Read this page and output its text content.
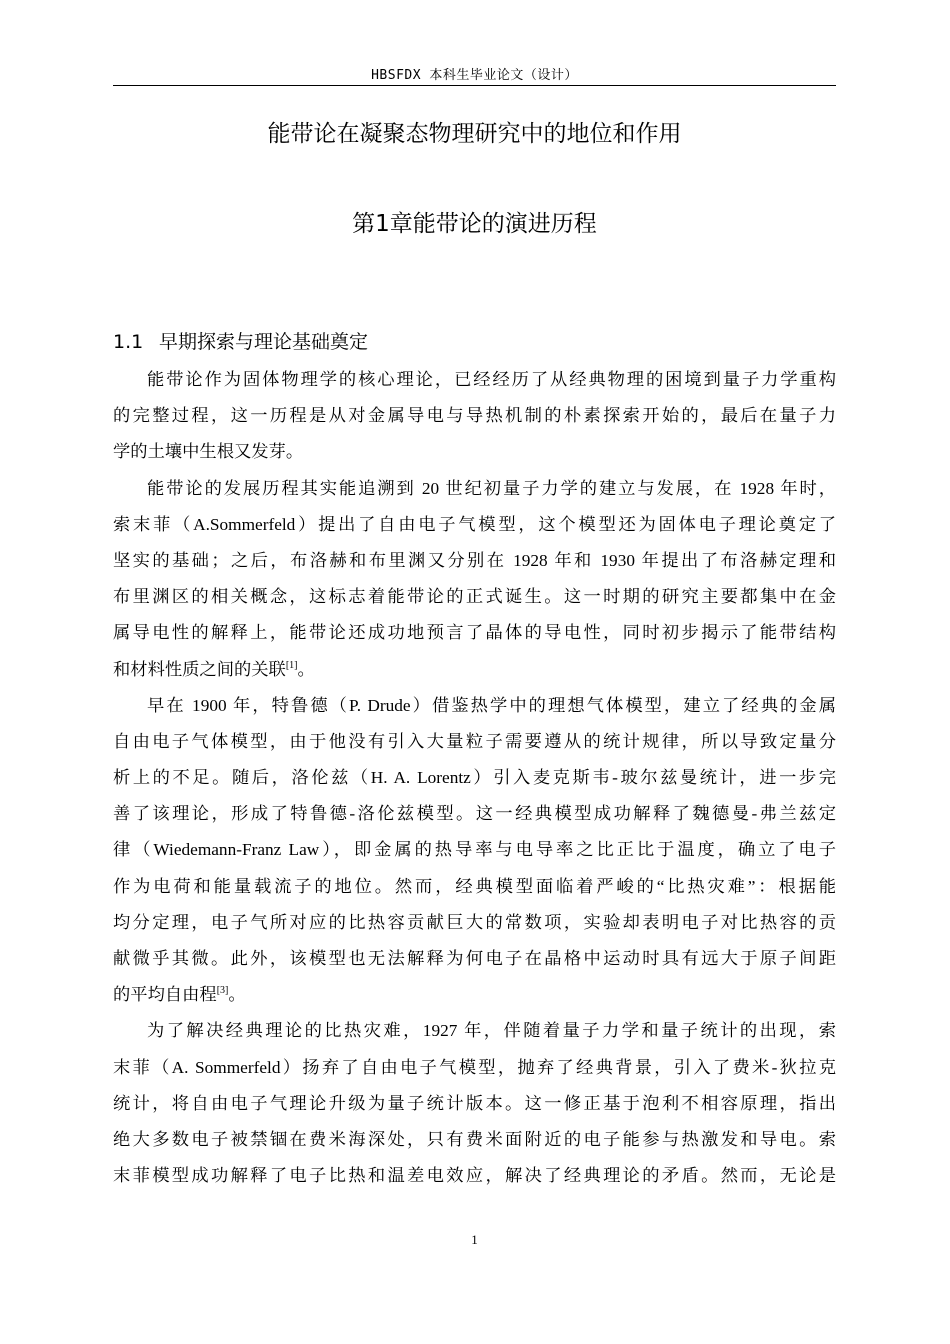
HBSFDX 本科生毕业论文（设计）
能带论在凝聚态物理研究中的地位和作用
第1章能带论的演进历程
1.1 早期探索与理论基础奠定
能带论作为固体物理学的核心理论，已经经历了从经典物理的困境到量子力学重构
的完整过程，这一历程是从对金属导电与导热机制的朴素探索开始的，最后在量子力
学的土壤中生根又发芽。
能带论的发展历程其实能追溯到 20 世纪初量子力学的建立与发展，在 1928 年时，
索末菲（A.Sommerfeld）提出了自由电子气模型，这个模型还为固体电子理论奠定了
坚实的基础；之后，布洛赫和布里渊又分别在 1928 年和 1930 年提出了布洛赫定理和
布里渊区的相关概念，这标志着能带论的正式诞生。这一时期的研究主要都集中在金
属导电性的解释上，能带论还成功地预言了晶体的导电性，同时初步揭示了能带结构
和材料性质之间的关联[1]。
早在 1900 年，特鲁德（P. Drude）借鉴热学中的理想气体模型，建立了经典的金属
自由电子气体模型，由于他没有引入大量粒子需要遵从的统计规律，所以导致定量分
析上的不足。随后，洛伦兹（H. A. Lorentz）引入麦克斯韦-玻尔兹曼统计，进一步完
善了该理论，形成了特鲁德-洛伦兹模型。这一经典模型成功解释了魏德曼-弗兰兹定
律（Wiedemann-Franz Law），即金属的热导率与电导率之比正比于温度，确立了电子
作为电荷和能量载流子的地位。然而，经典模型面临着严峻的“比热灾难”：根据能
均分定理，电子气所对应的比热容贡献巨大的常数项，实验却表明电子对比热容的贡
献微乎其微。此外，该模型也无法解释为何电子在晶格中运动时具有远大于原子间距
的平均自由程[3]。
为了解决经典理论的比热灾难，1927 年，伴随着量子力学和量子统计的出现，索
末菲（A. Sommerfeld）扬弃了自由电子气模型，抛弃了经典背景，引入了费米-狄拉克
统计，将自由电子气理论升级为量子统计版本。这一修正基于泡利不相容原理，指出
绝大多数电子被禁锢在费米海深处，只有费米面附近的电子能参与热激发和导电。索
末菲模型成功解释了电子比热和温差电效应，解决了经典理论的矛盾。然而，无论是
1
